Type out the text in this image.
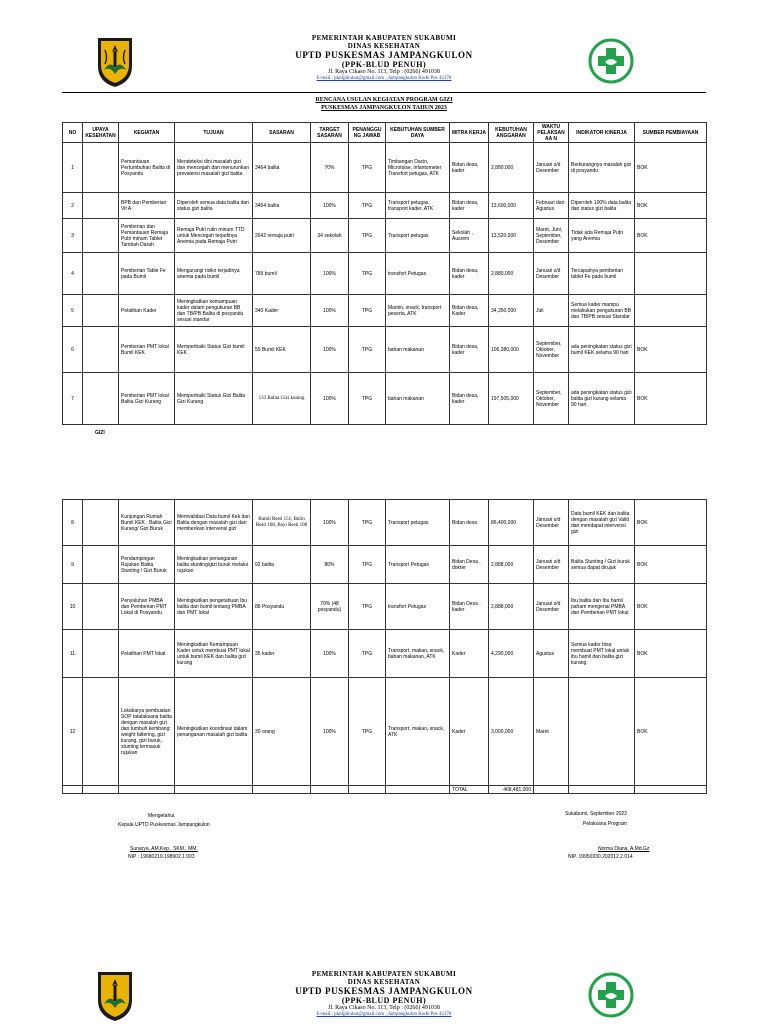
PEMERINTAH KABUPATEN SUKABUMI
DINAS KESEHATAN
UPTD PUSKESMAS JAMPANGKULON
(PPK-BLUD PENUH)
Jl. Raya Cikaso No. 113, Telp : (0266) 491038
E-mail : pkmjpkulon@gmail.com , Jampangkulon Kode Pos 43178
RENCANA USULAN KEGIATAN PROGRAM GIZI
PUSKESMAS JAMPANGKULON TAHUN 2023
NO	UPAYA KESEHATAN	KEGIATAN	TUJUAN	SASARAN	TARGET SASARAN	PENANGGU NG JAWAB	KEBUTUHAN SUMBER DAYA	MITRA KERJA	KEBUTUHAN ANGGARAN	WAKTU PELAKSANAA N	INDIKATOR KINERJA	SUMBER PEMBIAYAAN
1		Pemantauan Pertumbuhan Balita di Posyandu	Mendeteksi dini masalah gizi dan mencegah dan menurunkan prevalensi masalah gizi balita	3464 balita	70%	TPG	Timbangan Dacin, Microtoise, infantometer Transfort petugas, ATK	Bidan desa, kader	2,880,000	Januari s/d Desember	Berkurangnya masalah gizi di posyandu	BOK
2		BPB dan Pemberian Vit A	Diperoleh semua data balita dan status gizi balita	3464 balita	100%	TPG	Transport petugas, transport kader, ATK	Bidan desa, kader	13,600,000	Februari dan Agustus	Diperoleh 100% data balita dan status gizi balita	BOK
3		Pemberian dan Pemantauan Remaja Putri minum Tablet Tambah Darah	Remaja Putri rutin minum TTD untuk Mencegah terjadinya Anemia pada Remaja Putri	2642 remaja putri	34 sekolah	TPG	Transport petugas	Sekolah , Ausrem	13,520,000	Maret, Juni, September, Desember	Tidak ada Remaja Putri yang Anemia	BOK
4		Pemberian Table Fe pada Bumil	Mengurangi risiko terjadinya anemia pada bumil	789 bumil	100%	TPG	transfort Petugas	Bidan desa, kader	2,880,000	Januari s/d Desember	Tercapainya pemberian tablet Fe pada bumil	
5		Pelatihan Kader	Meningkatkan kemampuan kader dalam pengukuran BB dan TB/PB Balita di posyandu sesuai standar	340 Kader	100%	TPG	Mamin, snack, transport peserta, ATK	Bidan desa, Kader	34,250,000	Juli	Semua kader mampu melakukan pengukuran BB dan TB/PB sesuai Standar	
6		Pemberian PMT lokal Bumil KEK	Memperbaiki Status Gizi bumil KEK	55 Bumil KEK	100%	TPG	bahan makanan	Bidan desa, kader	106,380,000	September, Oktober, November	ada peningkatan status gizi bumil KEK selama 90 hari	BOK
7		Pemberian PMT lokal Balita Gizi Kurang	Memperbaiki Status Gizi Balita Gizi Kurang	133 Balita Gizi kurang	100%	TPG	bahan makanan	Bidan desa, kader	197,505,000	September, Oktober, November	ada peningkatan status gizi balita gizi kurang selama 90 hari	BOK
GIZI
8		Kunjungan Rumah Bumil KEK , Balita Gizi Kurang/ Gizi Buruk	Memvalidasi Data bumil Kek dan Balita dengan masalah gizi dan memberikan intervensi gizi	Bumil Resti 151, Bulin Resti 108, Bayi Resti 108	100%	TPG	Transport petugas	Bidan desa	86,400,000	Januari s/d Desember	Data bumil KEK dan balita dengan masalah gizi Valid dan mendapat intervensi gizi	BOK
9		Pendampingan Rujukan Balita Stunting / Gizi Buruk	Meningkatkan penanganan balita stunting/gizi buruk melalui rujukan	92 balita	80%	TPG	Transport Petugas	Bidan Desa , dokter	2,888,000	Januari s/d Desember	Balita Stunting / Gizi buruk semua dapat dirujuk	BOK
10		Penyuluhan PMBA dan Pemberian PMT Lokal di Posyandu	Meningkatkan pengetahuan Ibu balita dan bumil tentang PMBA dan PMT lokal	88 Posyandu	70% (48 posyandu)	TPG	transfort Petugas	Bidan Desa , kader	2,888,000	Januari s/d Desember	Ibu balita dan Ibu hamil paham mengenai PMBA dan Pemberian PMT lokal	BOK
11		Pelatihan PMT lokal	Meningkatkan Kemampuan Kader untuk membuat PMT lokal untuk bumil KEK dan balita gizi kurang	35 kader	100%	TPG	Transport, makan, snack, bahan makanan, ATK	Kader	4,290,000	Agustus	Semua kader bisa membuat PMT lokal untuk ibu hamil dan balita gizi kurang	BOK
12		Lokakarya pembuatan SOP tatalaksana balita dengan masalah gizi dan tumbuh kembang: weight faltering, gizi kurang, gizi buruk, stunting termasuk rujukan	Meningkatkan koordinasi dalam penanganan masalah gizi balita	30 orang	100%	TPG	Transport, makan, snack, ATK	Kader	3,000,000	Maret		BOK
								TOTAL	468,481,000			
Mengetahui,
Kepala UPTD Puskesmas Jampangkulon
Sunarya, AM.Kep., SKM., MM.
NIP : 19680219.198902.1.003
Sukabumi, September 2022
Pelaksana Program
Norma Diana, A.Md.Gz
NIP. 19950330.202012.2.014
PEMERINTAH KABUPATEN SUKABUMI
DINAS KESEHATAN
UPTD PUSKESMAS JAMPANGKULON
(PPK-BLUD PENUH)
Jl. Raya Cikaso No. 113, Telp : (0266) 491038
E-mail : pkmjpkulon@gmail.com , Jampangkulon Kode Pos 43178
